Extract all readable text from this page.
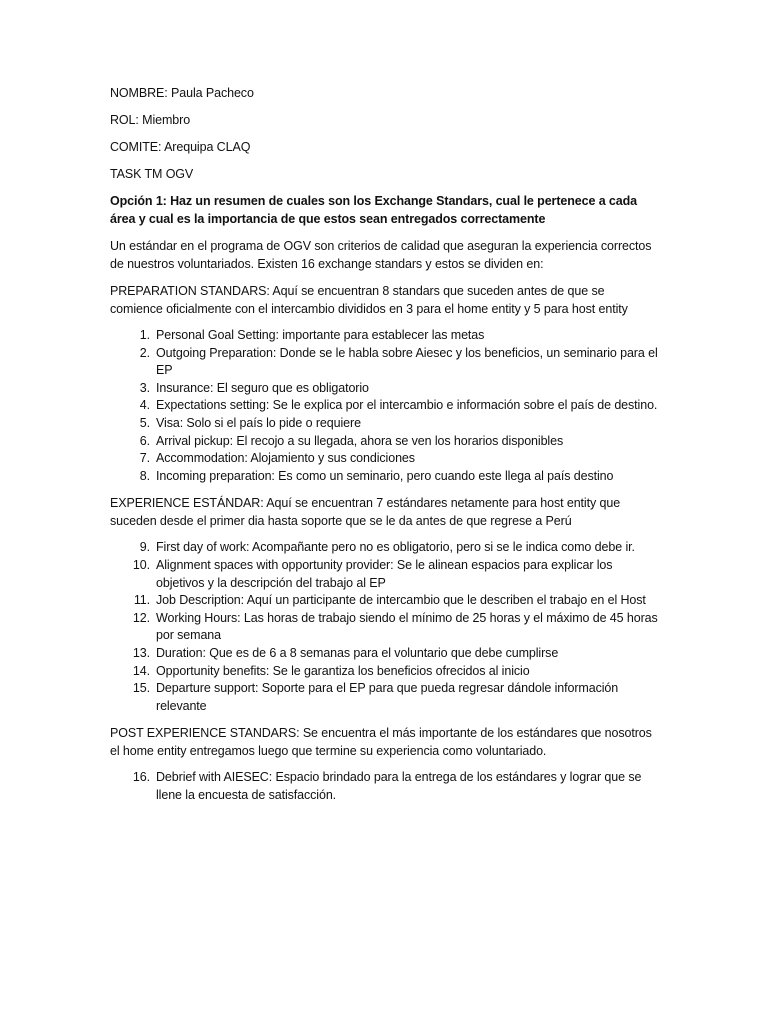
NOMBRE: Paula Pacheco
ROL: Miembro
COMITE: Arequipa CLAQ
TASK TM OGV
Opción 1: Haz un resumen de cuales son los Exchange Standars, cual le pertenece a cada área y cual es la importancia de que estos sean entregados correctamente
Un estándar en el programa de OGV son criterios de calidad que aseguran la experiencia correctos de nuestros voluntariados. Existen 16 exchange standars y estos se dividen en:
PREPARATION STANDARS: Aquí se encuentran 8 standars que suceden antes de que se comience oficialmente con el intercambio divididos en 3 para el home entity y 5 para host entity
1. Personal Goal Setting: importante para establecer las metas
2. Outgoing Preparation: Donde se le habla sobre Aiesec y los beneficios, un seminario para el EP
3. Insurance: El seguro que es obligatorio
4. Expectations setting: Se le explica por el intercambio e información sobre el país de destino.
5. Visa: Solo si el país lo pide o requiere
6. Arrival pickup: El recojo a su llegada, ahora se ven los horarios disponibles
7. Accommodation: Alojamiento y sus condiciones
8. Incoming preparation: Es como un seminario, pero cuando este llega al país destino
EXPERIENCE ESTÁNDAR: Aquí se encuentran 7 estándares netamente para host entity que suceden desde el primer dia hasta soporte que se le da antes de que regrese a Perú
9. First day of work: Acompañante pero no es obligatorio, pero si se le indica como debe ir.
10. Alignment spaces with opportunity provider: Se le alinean espacios para explicar los objetivos y la descripción del trabajo al EP
11. Job Description: Aquí un participante de intercambio que le describen el trabajo en el Host
12. Working Hours: Las horas de trabajo siendo el mínimo de 25 horas y el máximo de 45 horas por semana
13. Duration: Que es de 6 a 8 semanas para el voluntario que debe cumplirse
14. Opportunity benefits: Se le garantiza los beneficios ofrecidos al inicio
15. Departure support: Soporte para el EP para que pueda regresar dándole información relevante
POST EXPERIENCE STANDARS: Se encuentra el más importante de los estándares que nosotros el home entity entregamos luego que termine su experiencia como voluntariado.
16. Debrief with AIESEC: Espacio brindado para la entrega de los estándares y lograr que se llene la encuesta de satisfacción.
